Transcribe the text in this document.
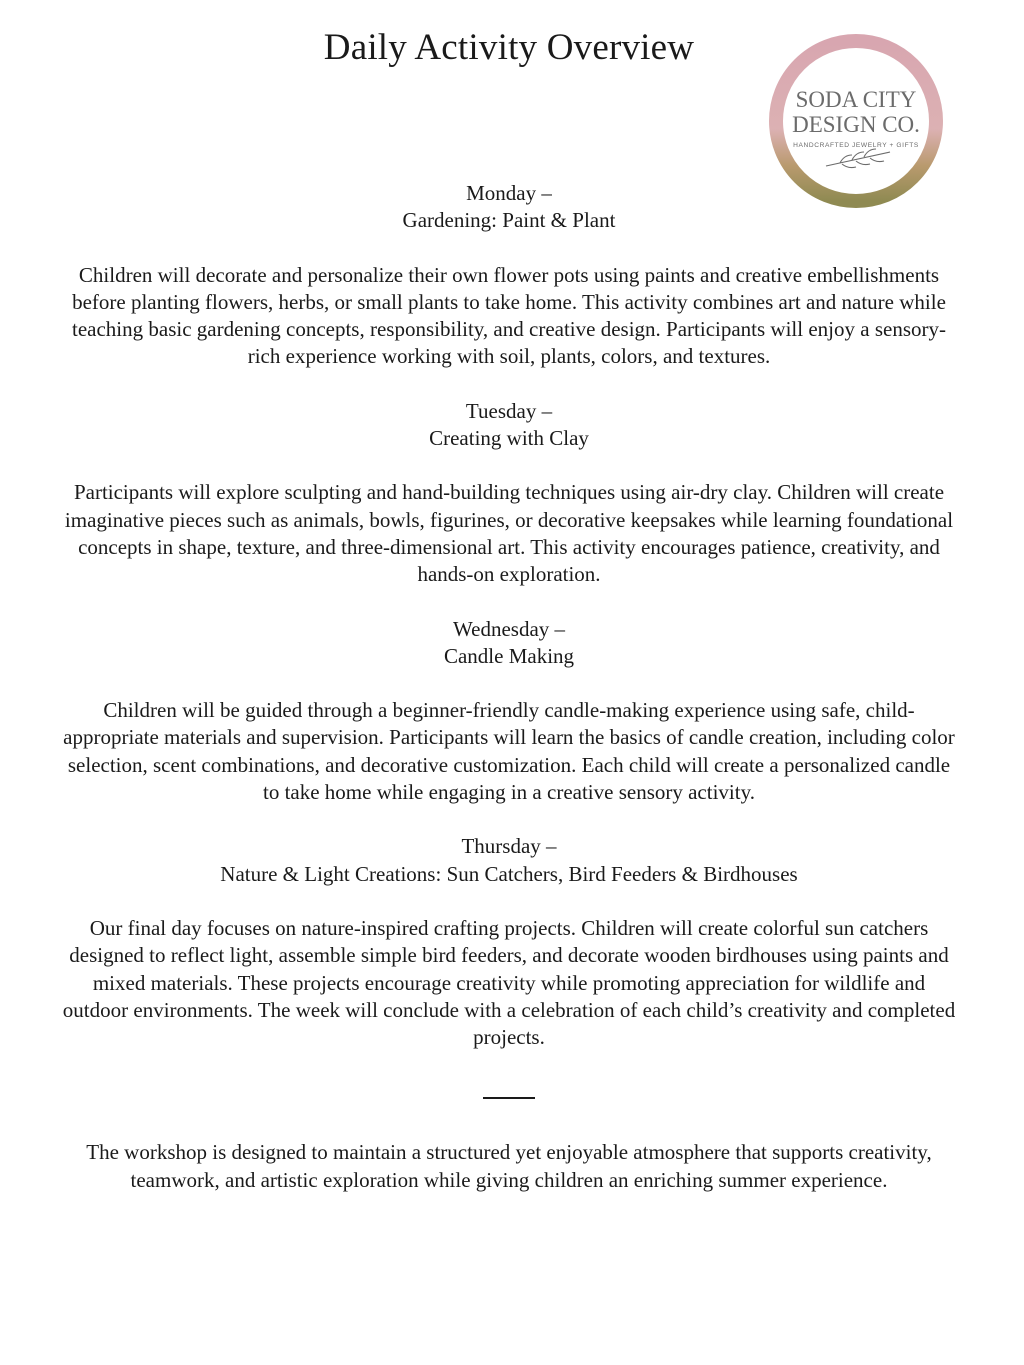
Daily Activity Overview
SODA CITY
DESIGN CO.
HANDCRAFTED JEWELRY + GIFTS

Monday –
Gardening: Paint & Plant

Children will decorate and personalize their own flower pots using paints and creative embellishments before planting flowers, herbs, or small plants to take home. This activity combines art and nature while teaching basic gardening concepts, responsibility, and creative design. Participants will enjoy a sensory-rich experience working with soil, plants, colors, and textures.

Tuesday –
Creating with Clay

Participants will explore sculpting and hand-building techniques using air-dry clay. Children will create imaginative pieces such as animals, bowls, figurines, or decorative keepsakes while learning foundational concepts in shape, texture, and three-dimensional art. This activity encourages patience, creativity, and hands-on exploration.

Wednesday –
Candle Making

Children will be guided through a beginner-friendly candle-making experience using safe, child-appropriate materials and supervision. Participants will learn the basics of candle creation, including color selection, scent combinations, and decorative customization. Each child will create a personalized candle to take home while engaging in a creative sensory activity.

Thursday –
Nature & Light Creations: Sun Catchers, Bird Feeders & Birdhouses

Our final day focuses on nature-inspired crafting projects. Children will create colorful sun catchers designed to reflect light, assemble simple bird feeders, and decorate wooden birdhouses using paints and mixed materials. These projects encourage creativity while promoting appreciation for wildlife and outdoor environments. The week will conclude with a celebration of each child’s creativity and completed projects.

The workshop is designed to maintain a structured yet enjoyable atmosphere that supports creativity, teamwork, and artistic exploration while giving children an enriching summer experience.
